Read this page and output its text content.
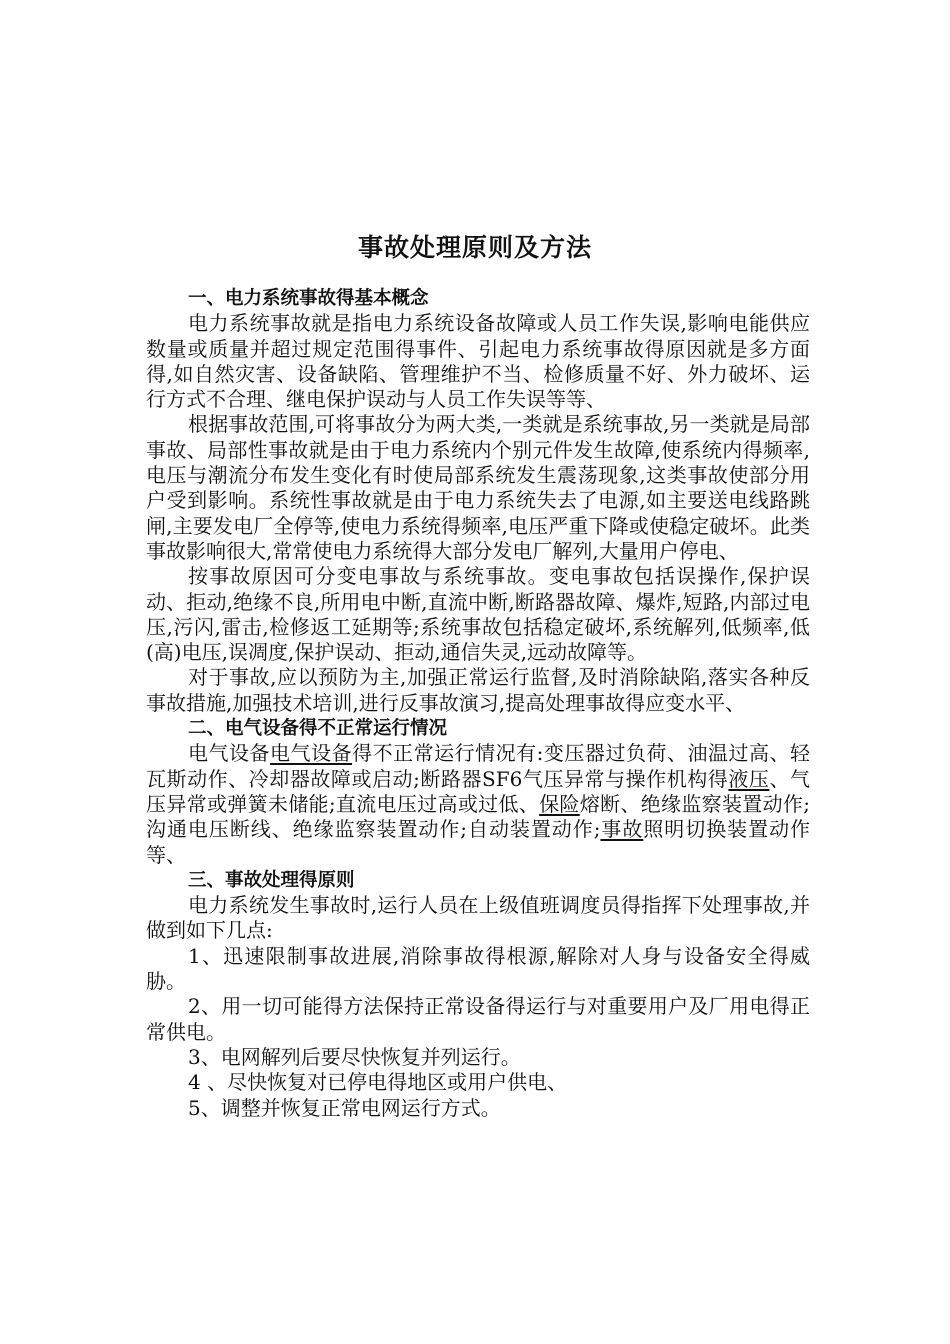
事故处理原则及方法

一、电力系统事故得基本概念

电力系统事故就是指电力系统设备故障或人员工作失误,影响电能供应数量或质量并超过规定范围得事件、引起电力系统事故得原因就是多方面得,如自然灾害、设备缺陷、管理维护不当、检修质量不好、外力破坏、运行方式不合理、继电保护误动与人员工作失误等等、

根据事故范围,可将事故分为两大类,一类就是系统事故,另一类就是局部事故、局部性事故就是由于电力系统内个别元件发生故障,使系统内得频率,电压与潮流分布发生变化有时使局部系统发生震荡现象,这类事故使部分用户受到影响。系统性事故就是由于电力系统失去了电源,如主要送电线路跳闸,主要发电厂全停等,使电力系统得频率,电压严重下降或使稳定破坏。此类事故影响很大,常常使电力系统得大部分发电厂解列,大量用户停电、

按事故原因可分变电事故与系统事故。变电事故包括误操作,保护误动、拒动,绝缘不良,所用电中断,直流中断,断路器故障、爆炸,短路,内部过电压,污闪,雷击,检修返工延期等;系统事故包括稳定破坏,系统解列,低频率,低(高)电压,误凋度,保护误动、拒动,通信失灵,远动故障等。

对于事故,应以预防为主,加强正常运行监督,及时消除缺陷,落实各种反事故措施,加强技术培训,进行反事故演习,提高处理事故得应变水平、

二、电气设备得不正常运行情况

电气设备电气设备得不正常运行情况有:变压器过负荷、油温过高、轻瓦斯动作、冷却器故障或启动;断路器SF6气压异常与操作机构得液压、气压异常或弹簧未储能;直流电压过高或过低、保险熔断、绝缘监察装置动作;沟通电压断线、绝缘监察装置动作;自动装置动作;事故照明切换装置动作等、

三、事故处理得原则

电力系统发生事故时,运行人员在上级值班调度员得指挥下处理事故,并做到如下几点:

1、迅速限制事故进展,消除事故得根源,解除对人身与设备安全得威胁。

2、用一切可能得方法保持正常设备得运行与对重要用户及厂用电得正常供电。

3、电网解列后要尽快恢复并列运行。

4 、尽快恢复对已停电得地区或用户供电、

5、调整并恢复正常电网运行方式。
